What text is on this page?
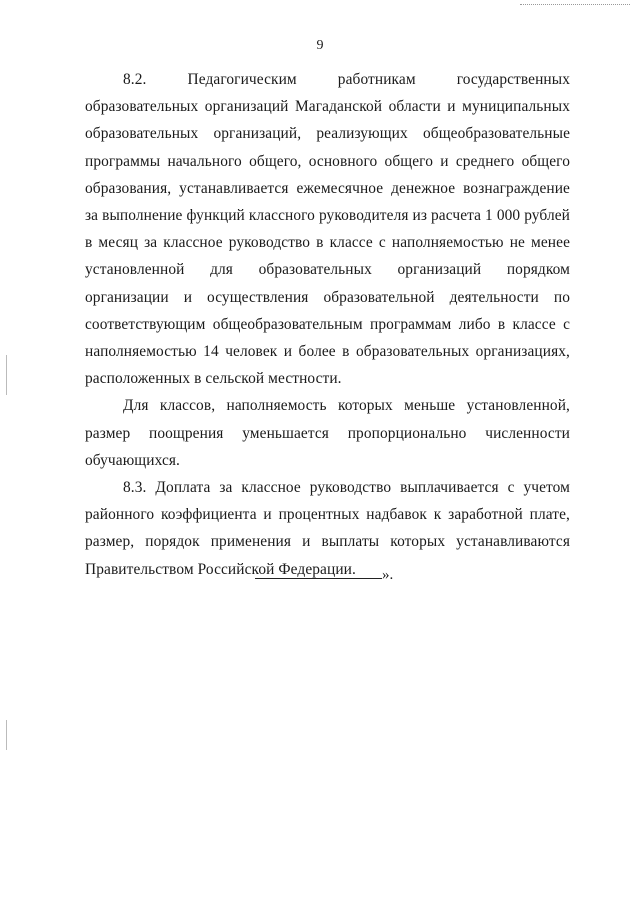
9

8.2. Педагогическим работникам государственных образовательных организаций Магаданской области и муниципальных образовательных организаций, реализующих общеобразовательные программы начального общего, основного общего и среднего общего образования, устанавливается ежемесячное денежное вознаграждение за выполнение функций классного руководителя из расчета 1 000 рублей в месяц за классное руководство в классе с наполняемостью не менее установленной для образовательных организаций порядком организации и осуществления образовательной деятельности по соответствующим общеобразовательным программам либо в классе с наполняемостью 14 человек и более в образовательных организациях, расположенных в сельской местности.

Для классов, наполняемость которых меньше установленной, размер поощрения уменьшается пропорционально численности обучающихся.

8.3. Доплата за классное руководство выплачивается с учетом районного коэффициента и процентных надбавок к заработной плате, размер, порядок применения и выплаты которых устанавливаются Правительством Российской Федерации.	».
